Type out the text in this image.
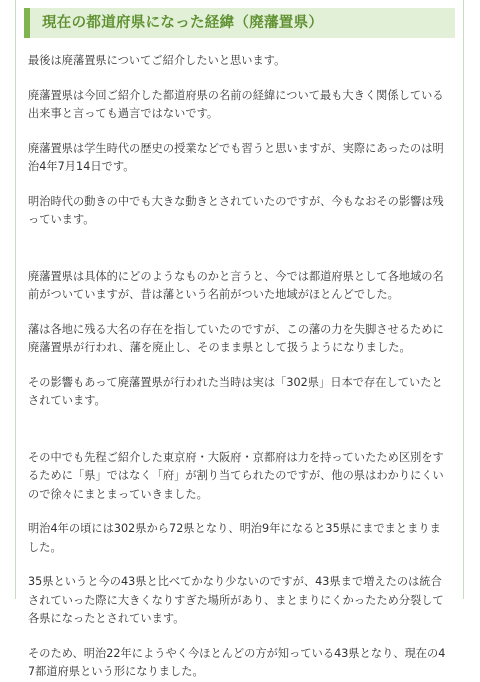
現在の都道府県になった経緯（廃藩置県）

最後は廃藩置県についてご紹介したいと思います。

廃藩置県は今回ご紹介した都道府県の名前の経緯について最も大きく関係している出来事と言っても過言ではないです。

廃藩置県は学生時代の歴史の授業などでも習うと思いますが、実際にあったのは明治4年7月14日です。

明治時代の動きの中でも大きな動きとされていたのですが、今もなおその影響は残っています。

廃藩置県は具体的にどのようなものかと言うと、今では都道府県として各地域の名前がついていますが、昔は藩という名前がついた地域がほとんどでした。

藩は各地に残る大名の存在を指していたのですが、この藩の力を失脚させるために廃藩置県が行われ、藩を廃止し、そのまま県として扱うようになりました。

その影響もあって廃藩置県が行われた当時は実は「302県」日本で存在していたとされています。

その中でも先程ご紹介した東京府・大阪府・京都府は力を持っていたため区別をするために「県」ではなく「府」が割り当てられたのですが、他の県はわかりにくいので徐々にまとまっていきました。

明治4年の頃には302県から72県となり、明治9年になると35県にまでまとまりました。

35県というと今の43県と比べてかなり少ないのですが、43県まで増えたのは統合されていった際に大きくなりすぎた場所があり、まとまりにくかったため分裂して各県になったとされています。

そのため、明治22年にようやく今ほとんどの方が知っている43県となり、現在の47都道府県という形になりました。
